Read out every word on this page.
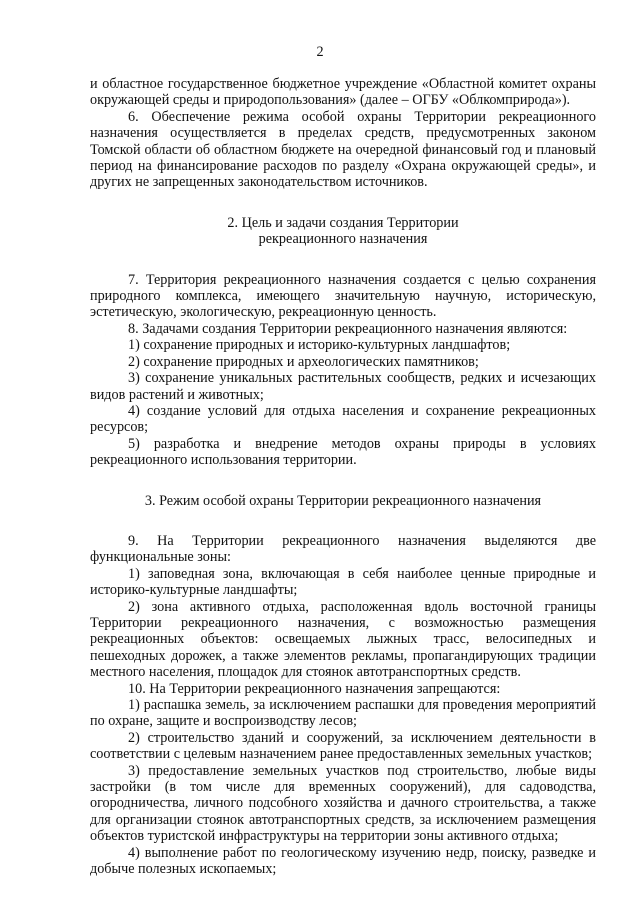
2

и областное государственное бюджетное учреждение «Областной комитет охраны окружающей среды и природопользования» (далее – ОГБУ «Облкомприрода»).

6. Обеспечение режима особой охраны Территории рекреационного назначения осуществляется в пределах средств, предусмотренных законом Томской области об областном бюджете на очередной финансовый год и плановый период на финансирование расходов по разделу «Охрана окружающей среды», и других не запрещенных законодательством источников.

2. Цель и задачи создания Территории

рекреационного назначения

7. Территория рекреационного назначения создается с целью сохранения природного комплекса, имеющего значительную научную, историческую, эстетическую, экологическую, рекреационную ценность.

8. Задачами создания Территории рекреационного назначения являются:

1) сохранение природных и историко-культурных ландшафтов;

2) сохранение природных и археологических памятников;

3) сохранение уникальных растительных сообществ, редких и исчезающих видов растений и животных;

4) создание условий для отдыха населения и сохранение рекреационных ресурсов;

5) разработка и внедрение методов охраны природы в условиях рекреационного использования территории.

3. Режим особой охраны Территории рекреационного назначения

9. На Территории рекреационного назначения выделяются две функциональные зоны:

1) заповедная зона, включающая в себя наиболее ценные природные и историко-культурные ландшафты;

2) зона активного отдыха, расположенная вдоль восточной границы Территории рекреационного назначения, с возможностью размещения рекреационных объектов: освещаемых лыжных трасс, велосипедных и пешеходных дорожек, а также элементов рекламы, пропагандирующих традиции местного населения, площадок для стоянок автотранспортных средств.

10. На Территории рекреационного назначения запрещаются:

1) распашка земель, за исключением распашки для проведения мероприятий по охране, защите и воспроизводству лесов;

2) строительство зданий и сооружений, за исключением деятельности в соответствии с целевым назначением ранее предоставленных земельных участков;

3) предоставление земельных участков под строительство, любые виды застройки (в том числе для временных сооружений), для садоводства, огородничества, личного подсобного хозяйства и дачного строительства, а также для организации стоянок автотранспортных средств, за исключением размещения объектов туристской инфраструктуры на территории зоны активного отдыха;

4) выполнение работ по геологическому изучению недр, поиску, разведке и добыче полезных ископаемых;
